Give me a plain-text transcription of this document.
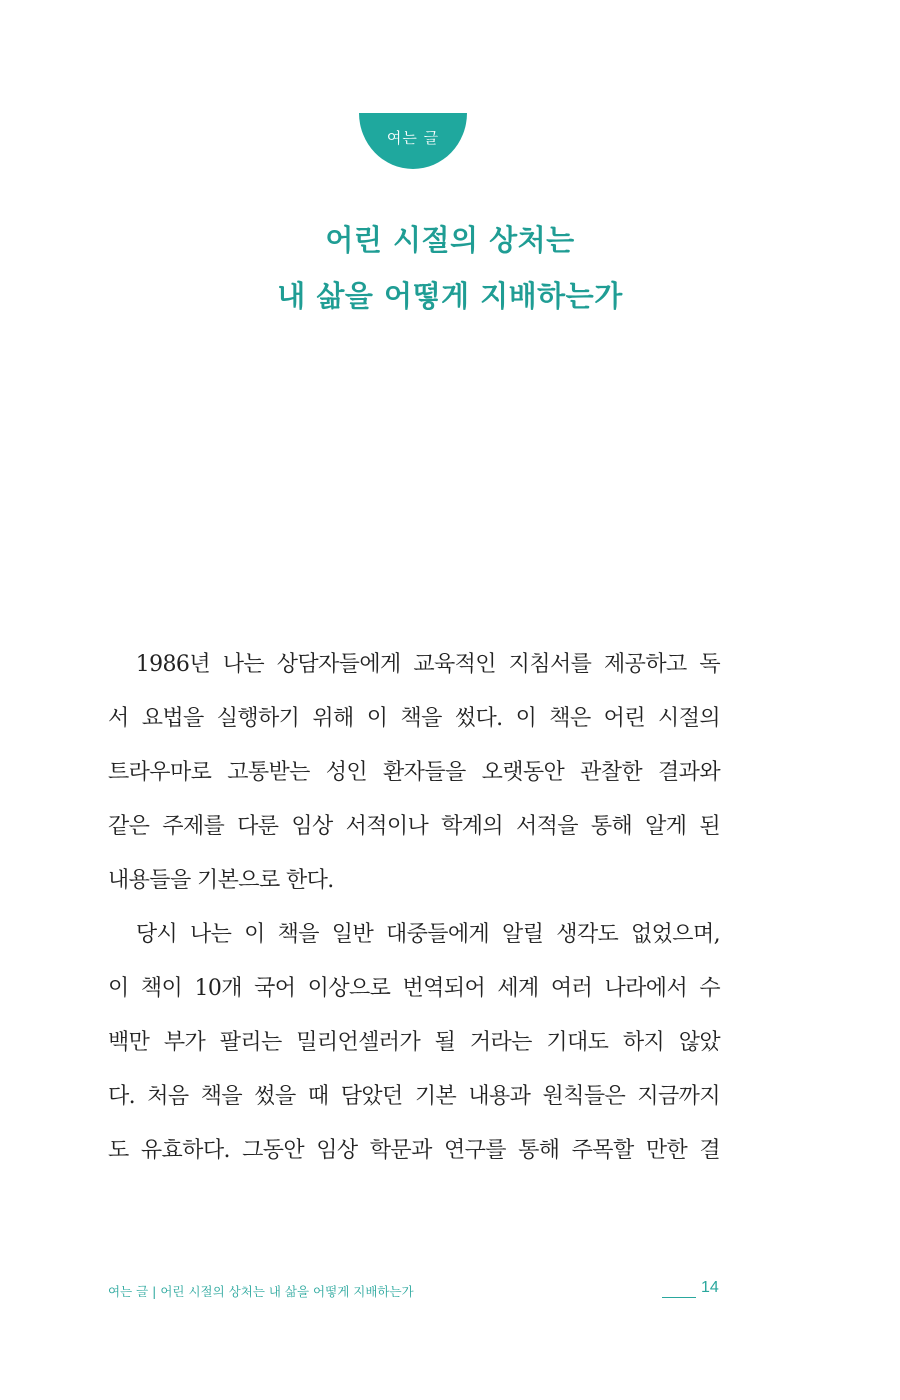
여는 글
어린 시절의 상처는
내 삶을 어떻게 지배하는가
　1986년 나는 상담자들에게 교육적인 지침서를 제공하고 독
서 요법을 실행하기 위해 이 책을 썼다. 이 책은 어린 시절의
트라우마로 고통받는 성인 환자들을 오랫동안 관찰한 결과와
같은 주제를 다룬 임상 서적이나 학계의 서적을 통해 알게 된
내용들을 기본으로 한다.
　당시 나는 이 책을 일반 대중들에게 알릴 생각도 없었으며,
이 책이 10개 국어 이상으로 번역되어 세계 여러 나라에서 수
백만 부가 팔리는 밀리언셀러가 될 거라는 기대도 하지 않았
다. 처음 책을 썼을 때 담았던 기본 내용과 원칙들은 지금까지
도 유효하다. 그동안 임상 학문과 연구를 통해 주목할 만한 결
여는 글 | 어린 시절의 상처는 내 삶을 어떻게 지배하는가	14
